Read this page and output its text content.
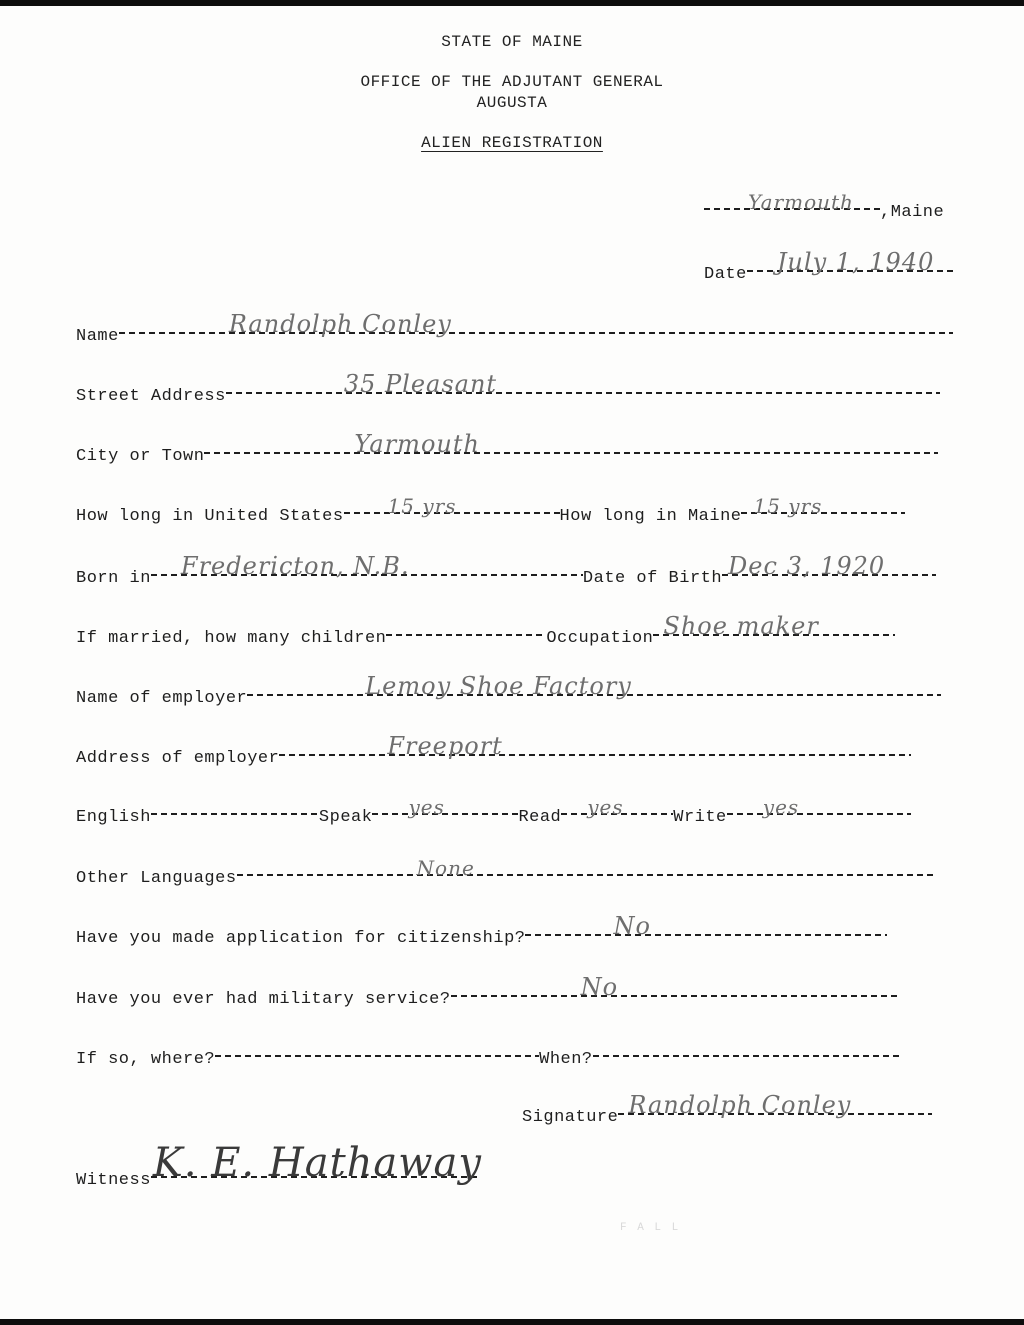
STATE OF MAINE
OFFICE OF THE ADJUTANT GENERAL
AUGUSTA
ALIEN REGISTRATION
Yarmouth ,Maine
Date July 1, 1940
Name	Randolph Conley
Street Address	35 Pleasant
City or Town	Yarmouth
How long in United States 15 yrs	How long in Maine 15 yrs
Born in Fredericton, N.B.	Date of Birth Dec 3, 1920
If married, how many children	Occupation Shoe maker
Name of employer	Lemoy Shoe Factory
Address of employer	Freeport
English	Speak yes	Read yes	Write yes
Other Languages	None
Have you made application for citizenship?	No
Have you ever had military service?	No
If so, where?	When?
Signature Randolph Conley
Witness K. E. Hathaway
F A L L
